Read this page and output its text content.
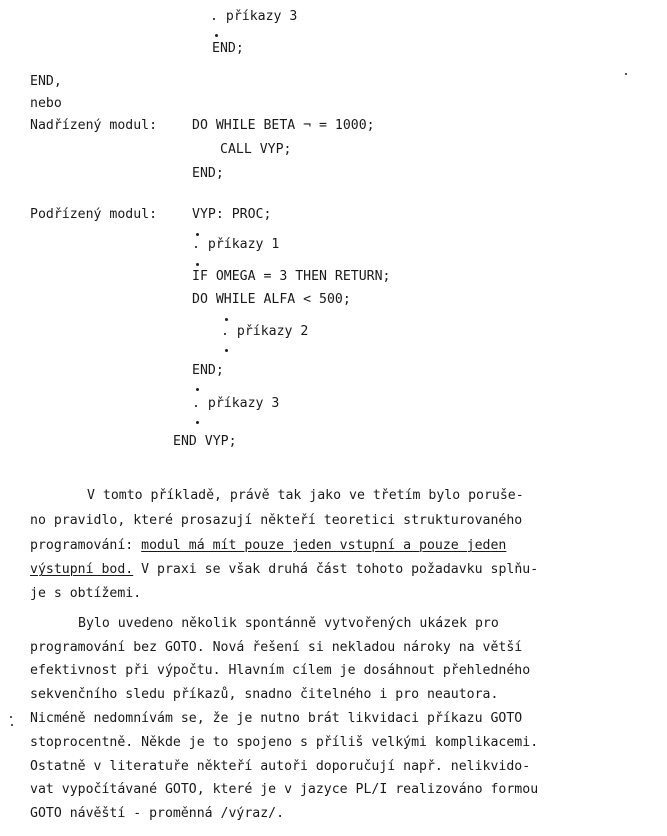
. příkazy 3
END;
END,
nebo
Nadřízený modul:	DO WHILE BETA ¬ = 1000;
CALL VYP;
END;
Podřízený modul:	VYP: PROC;
. příkazy 1
IF OMEGA = 3 THEN RETURN;
DO WHILE ALFA < 500;
. příkazy 2
END;
. příkazy 3
END VYP;
V tomto příkladě, právě tak jako ve třetím bylo poruše-
no pravidlo, které prosazují někteří teoretici strukturovaného
programování: modul má mít pouze jeden vstupní a pouze jeden
výstupní bod. V praxi se však druhá část tohoto požadavku splňu-
je s obtížemi.
Bylo uvedeno několik spontánně vytvořených ukázek pro
programování bez GOTO. Nová řešení si nekladou nároky na větší
efektivnost při výpočtu. Hlavním cílem je dosáhnout přehledného
sekvenčního sledu příkazů, snadno čitelného i pro neautora.
Nicméně nedomnívám se, že je nutno brát likvidaci příkazu GOTO
stoprocentně. Někde je to spojeno s příliš velkými komplikacemi.
Ostatně v literatuře někteří autoři doporučují např. nelikvido-
vat vypočítávané GOTO, které je v jazyce PL/I realizováno formou
GOTO návěští - proměnná /výraz/.
